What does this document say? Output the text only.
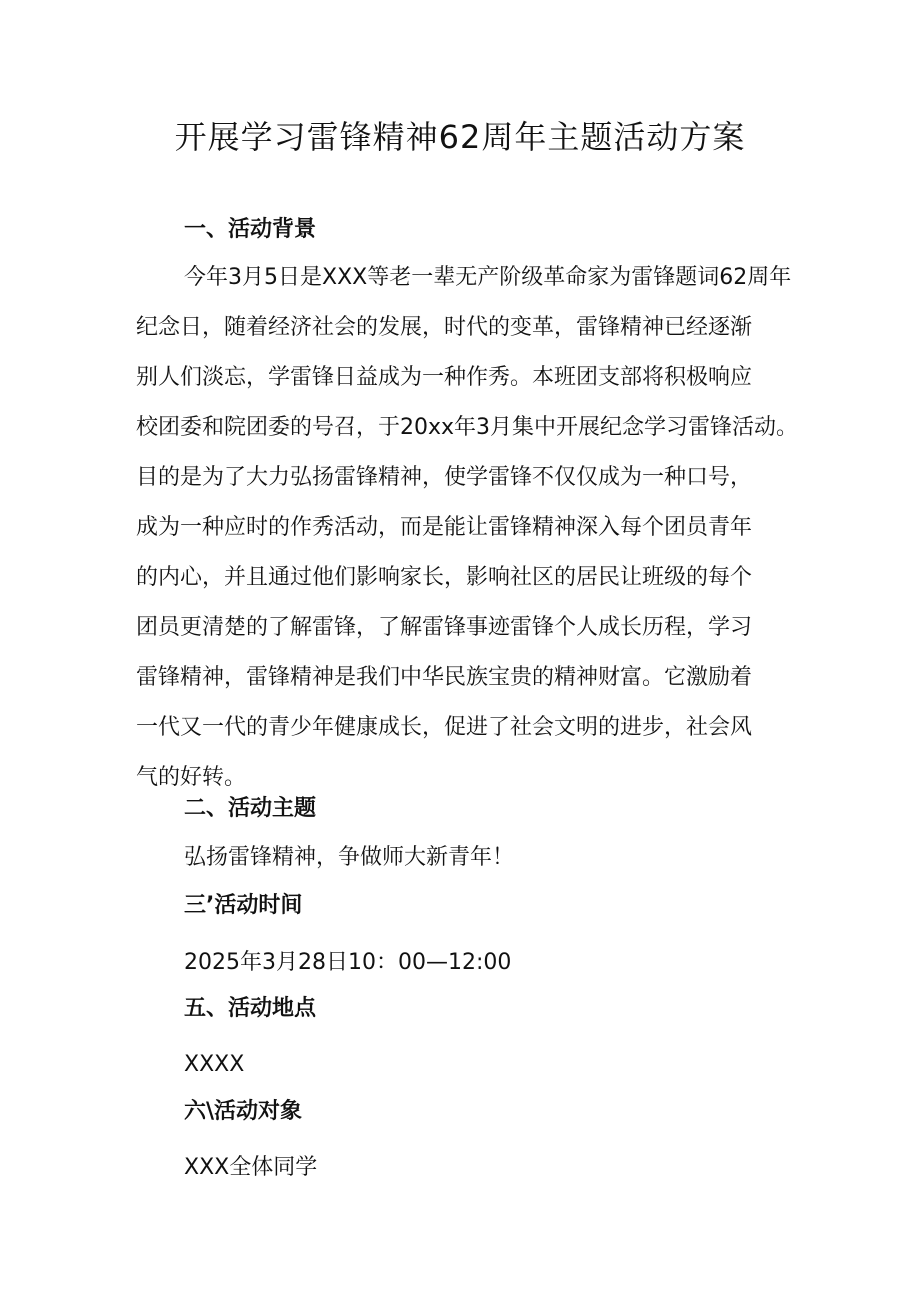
开展学习雷锋精神62周年主题活动方案
一、活动背景
今年3月5日是XXX等老一辈无产阶级革命家为雷锋题词62周年
纪念日，随着经济社会的发展，时代的变革，雷锋精神已经逐渐
别人们淡忘，学雷锋日益成为一种作秀。本班团支部将积极响应
校团委和院团委的号召，于20xx年3月集中开展纪念学习雷锋活动。
目的是为了大力弘扬雷锋精神，使学雷锋不仅仅成为一种口号，
成为一种应时的作秀活动，而是能让雷锋精神深入每个团员青年
的内心，并且通过他们影响家长，影响社区的居民让班级的每个
团员更清楚的了解雷锋，了解雷锋事迹雷锋个人成长历程，学习
雷锋精神，雷锋精神是我们中华民族宝贵的精神财富。它激励着
一代又一代的青少年健康成长，促进了社会文明的进步，社会风
气的好转。
二、活动主题
弘扬雷锋精神，争做师大新青年！
三’活动时间
2025年3月28日10：00—12:00
五、活动地点
XXXX
六\活动对象
XXX全体同学
